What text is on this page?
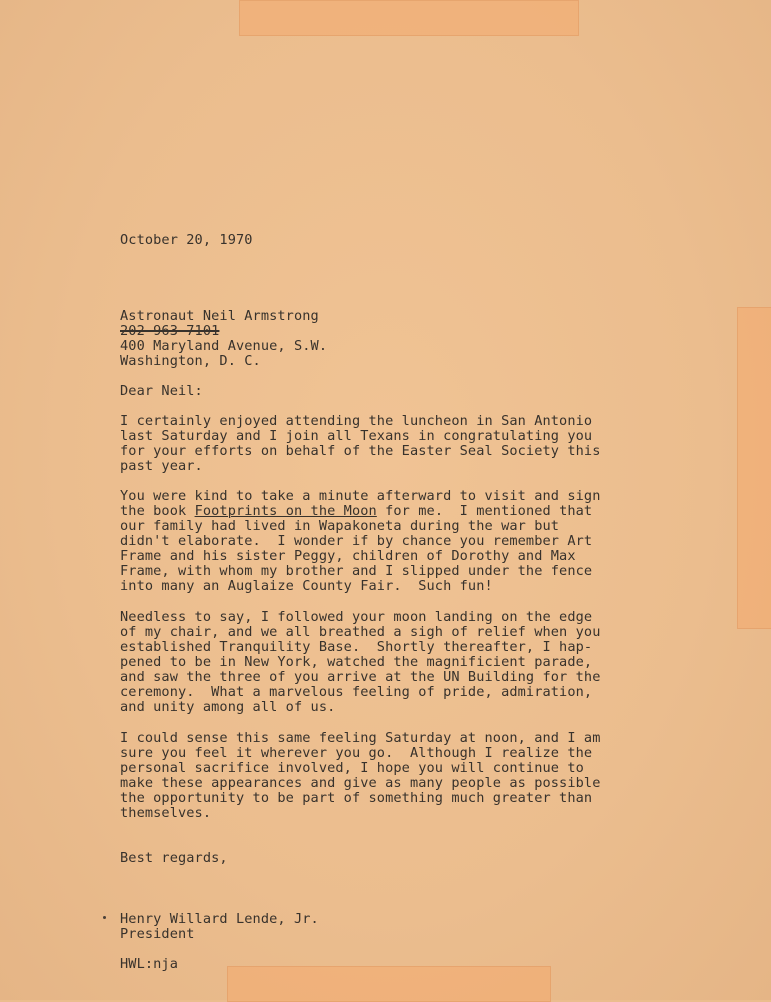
October 20, 1970
Astronaut Neil Armstrong
202-963-7101
400 Maryland Avenue, S.W.
Washington, D. C.
Dear Neil:
I certainly enjoyed attending the luncheon in San Antonio
last Saturday and I join all Texans in congratulating you
for your efforts on behalf of the Easter Seal Society this
past year.
You were kind to take a minute afterward to visit and sign
the book Footprints on the Moon for me.  I mentioned that
our family had lived in Wapakoneta during the war but
didn't elaborate.  I wonder if by chance you remember Art
Frame and his sister Peggy, children of Dorothy and Max
Frame, with whom my brother and I slipped under the fence
into many an Auglaize County Fair.  Such fun!
Needless to say, I followed your moon landing on the edge
of my chair, and we all breathed a sigh of relief when you
established Tranquility Base.  Shortly thereafter, I hap-
pened to be in New York, watched the magnificient parade,
and saw the three of you arrive at the UN Building for the
ceremony.  What a marvelous feeling of pride, admiration,
and unity among all of us.
I could sense this same feeling Saturday at noon, and I am
sure you feel it wherever you go.  Although I realize the
personal sacrifice involved, I hope you will continue to
make these appearances and give as many people as possible
the opportunity to be part of something much greater than
themselves.
Best regards,
Henry Willard Lende, Jr.
President
HWL:nja
